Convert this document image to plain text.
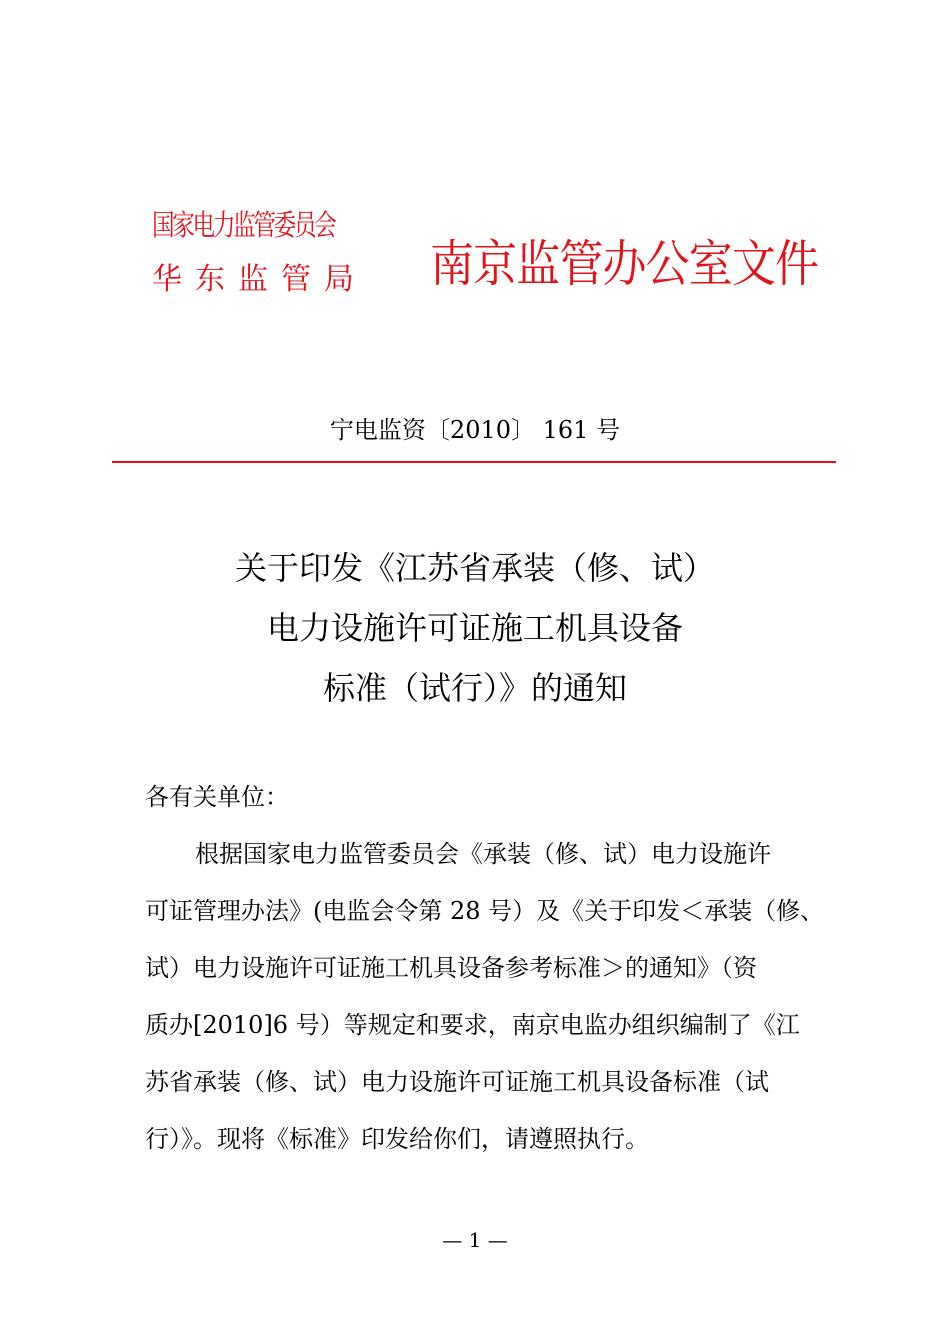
国家电力监管委员会
华东监管局	南京监管办公室文件
宁电监资〔2010〕 161 号
关于印发《江苏省承装（修、试）
电力设施许可证施工机具设备
标准（试行）》的通知
各有关单位：
根据国家电力监管委员会《承装（修、试）电力设施许
可证管理办法》(电监会令第 28 号）及《关于印发＜承装（修、
试）电力设施许可证施工机具设备参考标准＞的通知》（资
质办[2010]6 号）等规定和要求，南京电监办组织编制了《江
苏省承装（修、试）电力设施许可证施工机具设备标准（试
行）》。现将《标准》印发给你们，请遵照执行。
— 1 —
